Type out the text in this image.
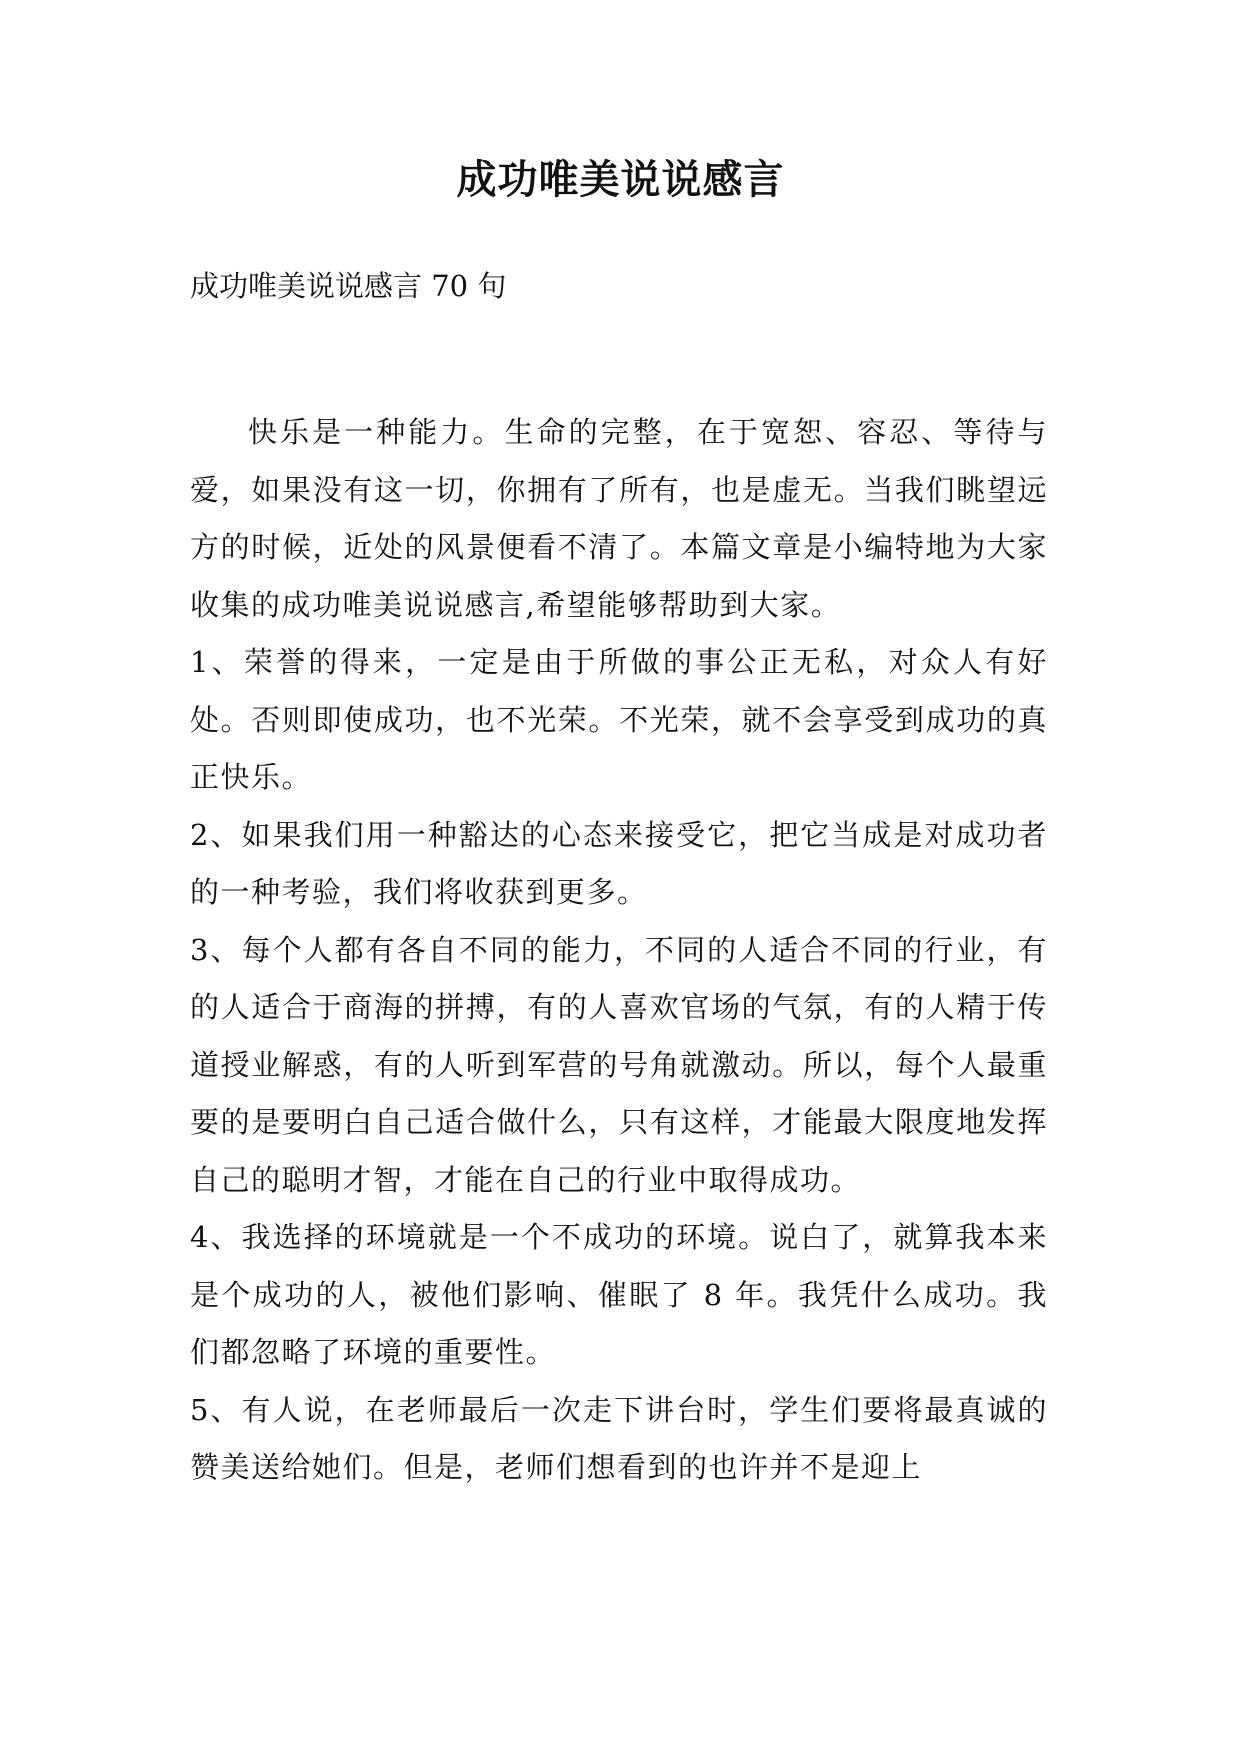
成功唯美说说感言
成功唯美说说感言 70 句

快乐是一种能力。生命的完整，在于宽恕、容忍、等待与爱，如果没有这一切，你拥有了所有，也是虚无。当我们眺望远方的时候，近处的风景便看不清了。本篇文章是小编特地为大家收集的成功唯美说说感言,希望能够帮助到大家。

1、荣誉的得来，一定是由于所做的事公正无私，对众人有好处。否则即使成功，也不光荣。不光荣，就不会享受到成功的真正快乐。

2、如果我们用一种豁达的心态来接受它，把它当成是对成功者的一种考验，我们将收获到更多。

3、每个人都有各自不同的能力，不同的人适合不同的行业，有的人适合于商海的拼搏，有的人喜欢官场的气氛，有的人精于传道授业解惑，有的人听到军营的号角就激动。所以，每个人最重要的是要明白自己适合做什么，只有这样，才能最大限度地发挥自己的聪明才智，才能在自己的行业中取得成功。

4、我选择的环境就是一个不成功的环境。说白了，就算我本来是个成功的人，被他们影响、催眠了 8 年。我凭什么成功。我们都忽略了环境的重要性。

5、有人说，在老师最后一次走下讲台时，学生们要将最真诚的赞美送给她们。但是，老师们想看到的也许并不是迎上
